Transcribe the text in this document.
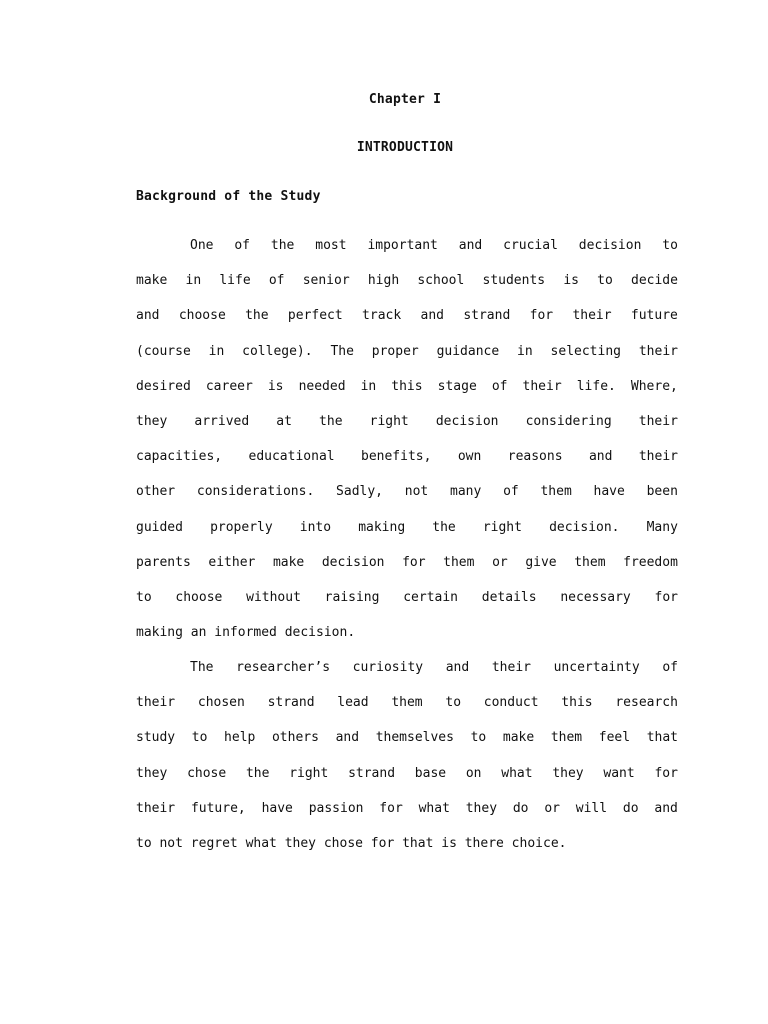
Chapter I
INTRODUCTION
Background of the Study
One of the most important and crucial decision to
make in life of senior high school students is to decide
and choose the perfect track and strand for their future
(course in college). The proper guidance in selecting their
desired career is needed in this stage of their life. Where,
they arrived at the right decision considering their
capacities, educational benefits, own reasons and their
other considerations. Sadly, not many of them have been
guided properly into making the right decision. Many
parents either make decision for them or give them freedom
to choose without raising certain details necessary for
making an informed decision.
The researcher’s curiosity and their uncertainty of
their chosen strand lead them to conduct this research
study to help others and themselves to make them feel that
they chose the right strand base on what they want for
their future, have passion for what they do or will do and
to not regret what they chose for that is there choice.
